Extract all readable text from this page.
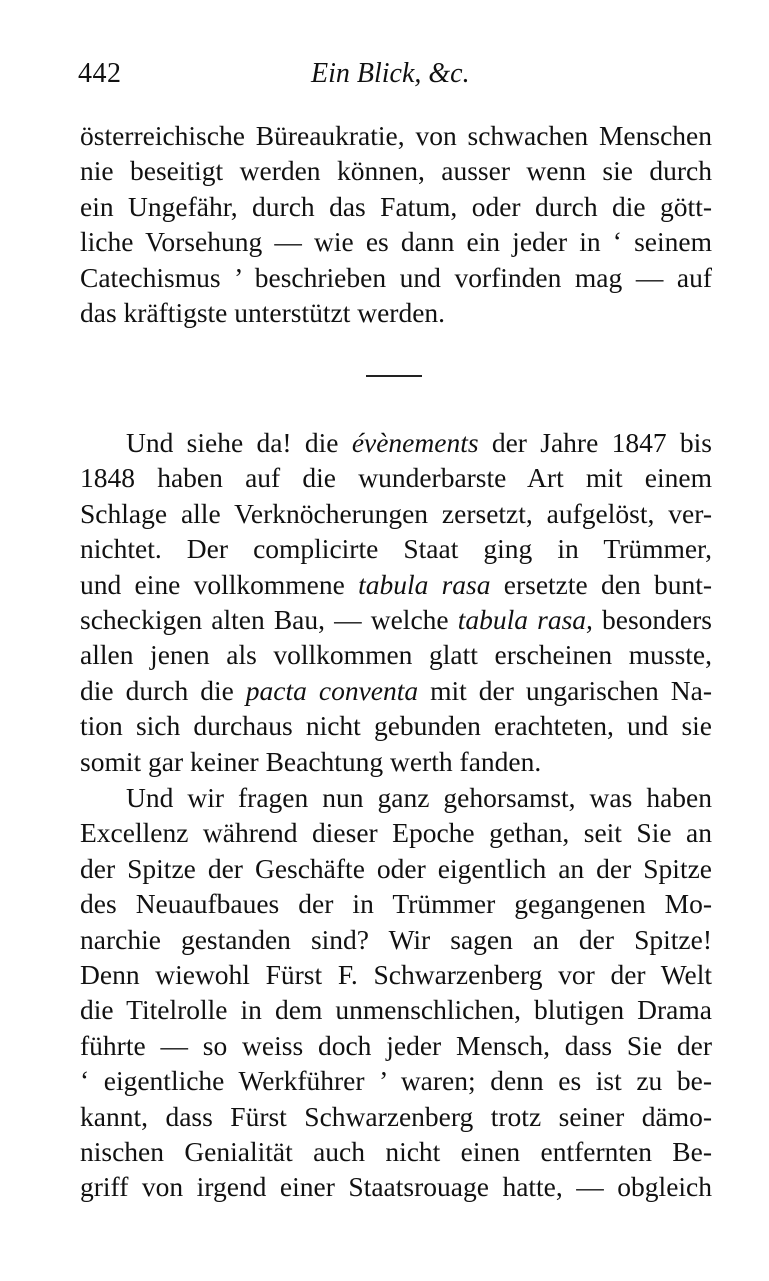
442	Ein Blick, &c.
österreichische Büreaukratie, von schwachen Menschen
nie beseitigt werden können, ausser wenn sie durch
ein Ungefähr, durch das Fatum, oder durch die gött-
liche Vorsehung — wie es dann ein jeder in ‘ seinem
Catechismus ’ beschrieben und vorfinden mag — auf
das kräftigste unterstützt werden.
Und siehe da! die évènements der Jahre 1847 bis
1848 haben auf die wunderbarste Art mit einem
Schlage alle Verknöcherungen zersetzt, aufgelöst, ver-
nichtet. Der complicirte Staat ging in Trümmer,
und eine vollkommene tabula rasa ersetzte den bunt-
scheckigen alten Bau, — welche tabula rasa, besonders
allen jenen als vollkommen glatt erscheinen musste,
die durch die pacta conventa mit der ungarischen Na-
tion sich durchaus nicht gebunden erachteten, und sie
somit gar keiner Beachtung werth fanden.
Und wir fragen nun ganz gehorsamst, was haben
Excellenz während dieser Epoche gethan, seit Sie an
der Spitze der Geschäfte oder eigentlich an der Spitze
des Neuaufbaues der in Trümmer gegangenen Mo-
narchie gestanden sind? Wir sagen an der Spitze!
Denn wiewohl Fürst F. Schwarzenberg vor der Welt
die Titelrolle in dem unmenschlichen, blutigen Drama
führte — so weiss doch jeder Mensch, dass Sie der
‘ eigentliche Werkführer ’ waren; denn es ist zu be-
kannt, dass Fürst Schwarzenberg trotz seiner dämo-
nischen Genialität auch nicht einen entfernten Be-
griff von irgend einer Staatsrouage hatte, — obgleich
